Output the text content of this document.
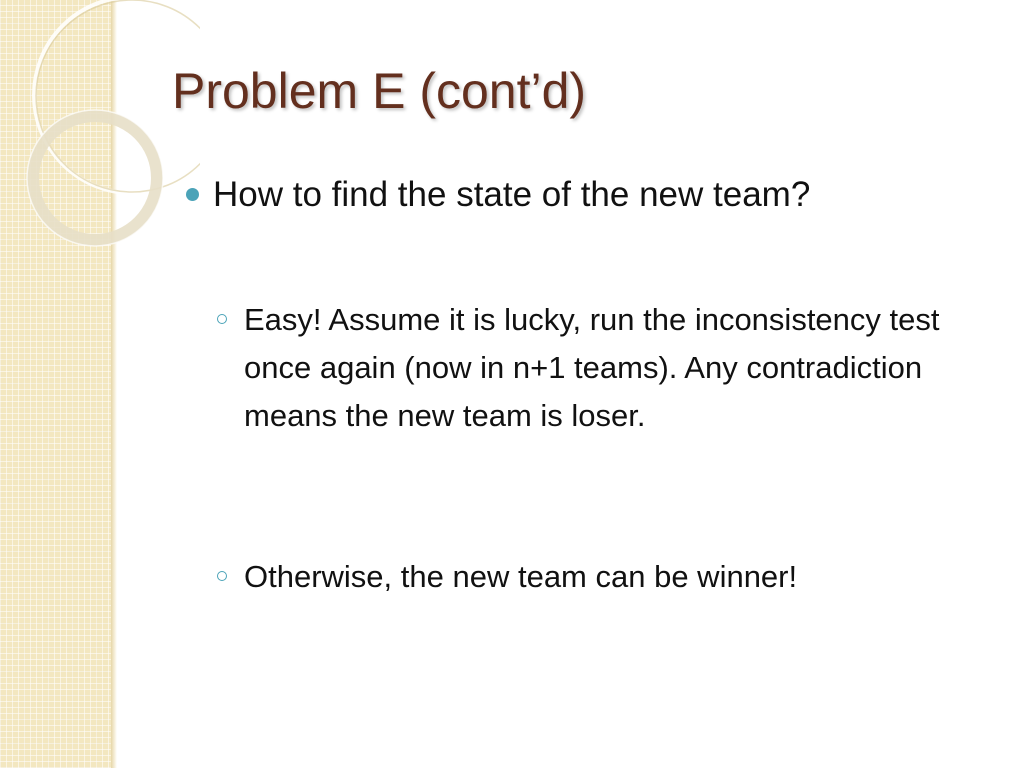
Problem E (cont’d)
How to find the state of the new team?
Easy! Assume it is lucky, run the inconsistency test once again (now in n+1 teams). Any contradiction means the new team is loser.
Otherwise, the new team can be winner!
